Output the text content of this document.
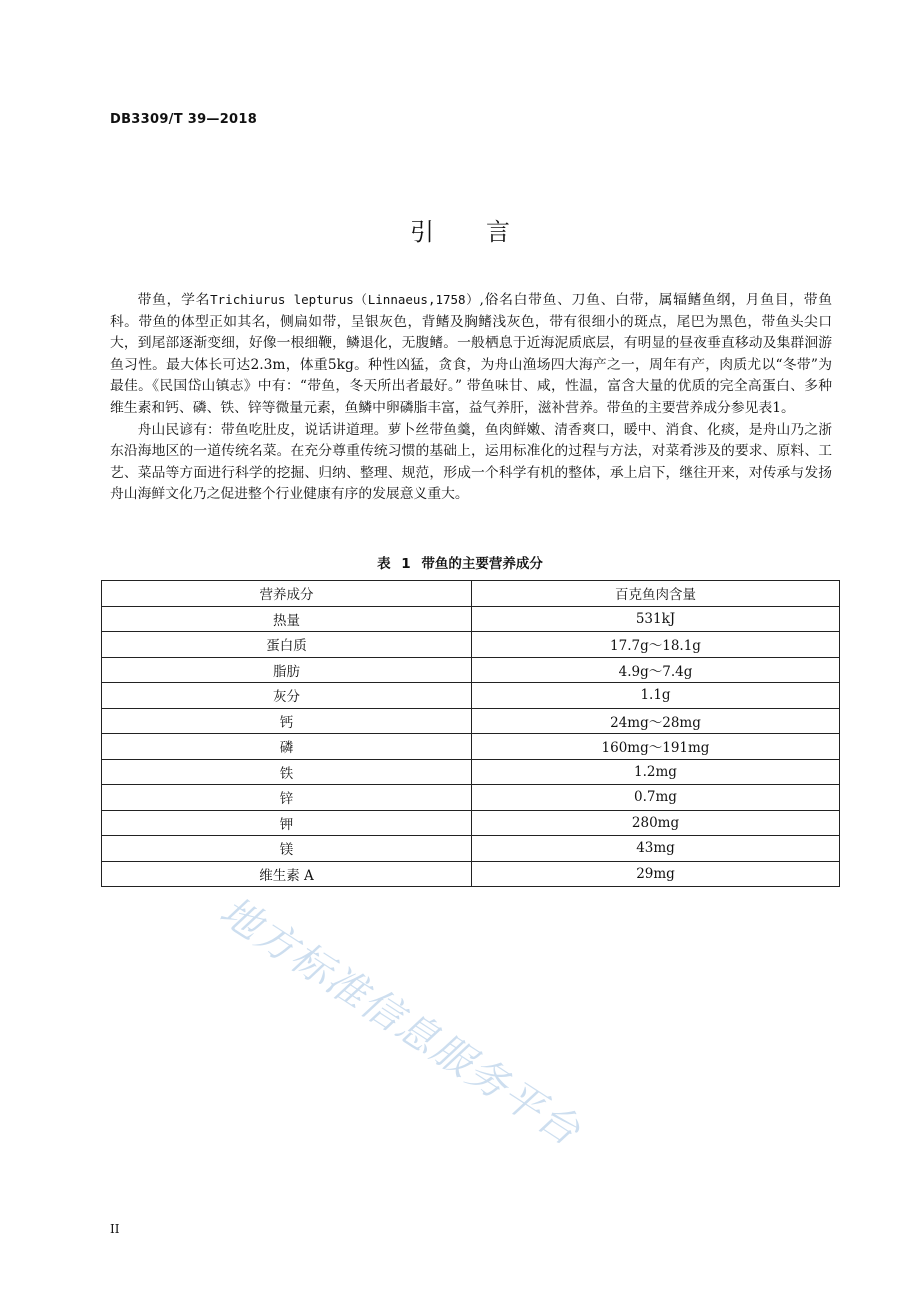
DB3309/T 39—2018
引言

带鱼，学名Trichiurus lepturus（Linnaeus,1758）,俗名白带鱼、刀鱼、白带，属辐鳍鱼纲，月鱼目，带鱼科。带鱼的体型正如其名，侧扁如带，呈银灰色，背鳍及胸鳍浅灰色，带有很细小的斑点，尾巴为黑色，带鱼头尖口大，到尾部逐渐变细，好像一根细鞭，鳞退化，无腹鳍。一般栖息于近海泥质底层，有明显的昼夜垂直移动及集群洄游鱼习性。最大体长可达2.3m，体重5kg。种性凶猛，贪食，为舟山渔场四大海产之一，周年有产，肉质尤以“冬带”为最佳。《民国岱山镇志》中有：“带鱼，冬天所出者最好。” 带鱼味甘、咸，性温，富含大量的优质的完全高蛋白、多种维生素和钙、磷、铁、锌等微量元素，鱼鳞中卵磷脂丰富，益气养肝，滋补营养。带鱼的主要营养成分参见表1。

舟山民谚有：带鱼吃肚皮，说话讲道理。萝卜丝带鱼羹，鱼肉鲜嫩、清香爽口，暖中、消食、化痰，是舟山乃之浙东沿海地区的一道传统名菜。在充分尊重传统习惯的基础上，运用标准化的过程与方法，对菜肴涉及的要求、原料、工艺、菜品等方面进行科学的挖掘、归纳、整理、规范，形成一个科学有机的整体，承上启下，继往开来，对传承与发扬舟山海鲜文化乃之促进整个行业健康有序的发展意义重大。

表 1 带鱼的主要营养成分
营养成分	百克鱼肉含量
热量	531kJ
蛋白质	17.7g～18.1g
脂肪	4.9g～7.4g
灰分	1.1g
钙	24mg～28mg
磷	160mg～191mg
铁	1.2mg
锌	0.7mg
钾	280mg
镁	43mg
维生素 A	29mg
地方标准信息服务平台
II
